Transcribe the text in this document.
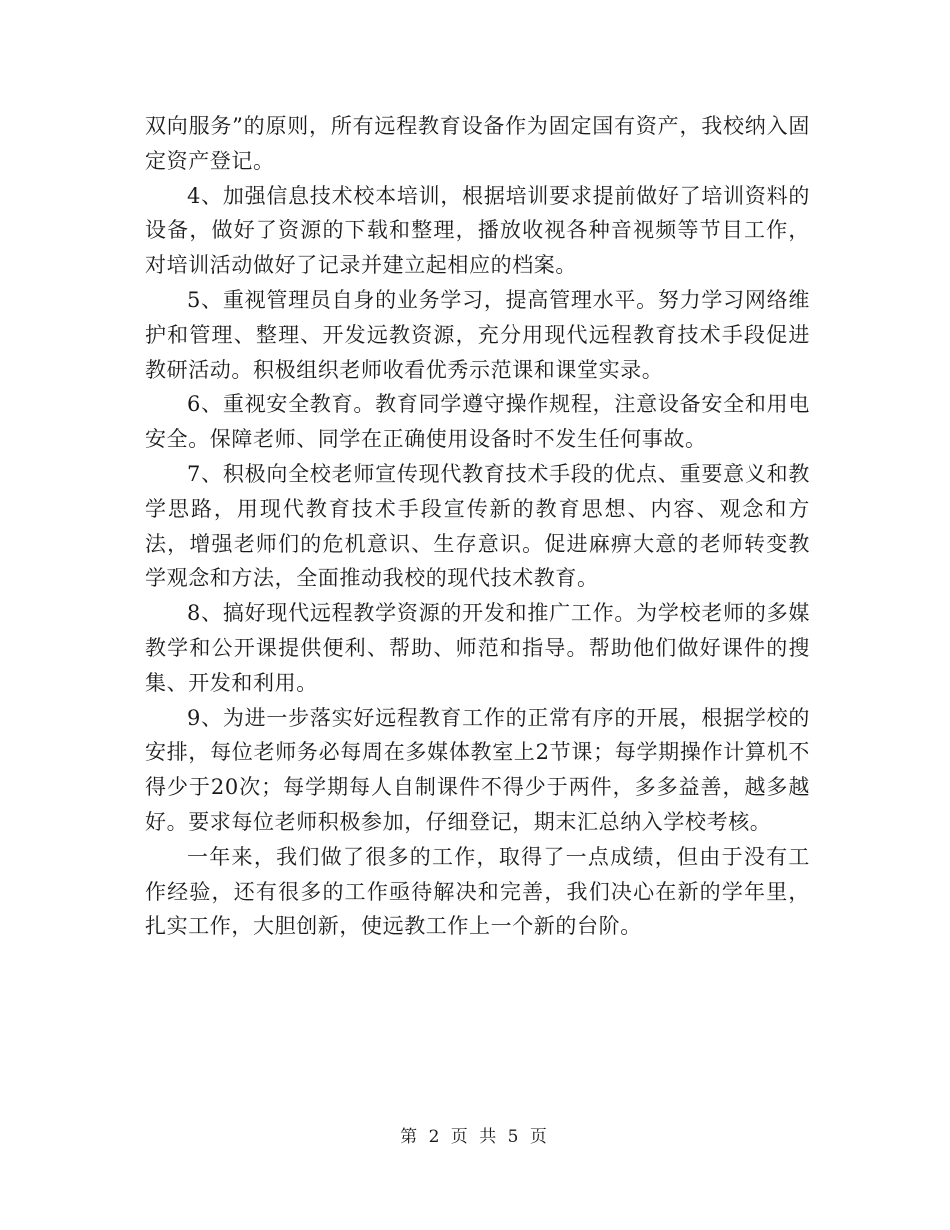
双向服务”的原则，所有远程教育设备作为固定国有资产，我校纳入固定资产登记。

4、加强信息技术校本培训，根据培训要求提前做好了培训资料的设备，做好了资源的下载和整理，播放收视各种音视频等节目工作，对培训活动做好了记录并建立起相应的档案。

5、重视管理员自身的业务学习，提高管理水平。努力学习网络维护和管理、整理、开发远教资源，充分用现代远程教育技术手段促进教研活动。积极组织老师收看优秀示范课和课堂实录。

6、重视安全教育。教育同学遵守操作规程，注意设备安全和用电安全。保障老师、同学在正确使用设备时不发生任何事故。

7、积极向全校老师宣传现代教育技术手段的优点、重要意义和教学思路，用现代教育技术手段宣传新的教育思想、内容、观念和方法，增强老师们的危机意识、生存意识。促进麻痹大意的老师转变教学观念和方法，全面推动我校的现代技术教育。

8、搞好现代远程教学资源的开发和推广工作。为学校老师的多媒教学和公开课提供便利、帮助、师范和指导。帮助他们做好课件的搜集、开发和利用。

9、为进一步落实好远程教育工作的正常有序的开展，根据学校的安排，每位老师务必每周在多媒体教室上2节课；每学期操作计算机不得少于20次；每学期每人自制课件不得少于两件，多多益善，越多越好。要求每位老师积极参加，仔细登记，期末汇总纳入学校考核。

一年来，我们做了很多的工作，取得了一点成绩，但由于没有工作经验，还有很多的工作亟待解决和完善，我们决心在新的学年里，扎实工作，大胆创新，使远教工作上一个新的台阶。

第 2 页 共 5 页
